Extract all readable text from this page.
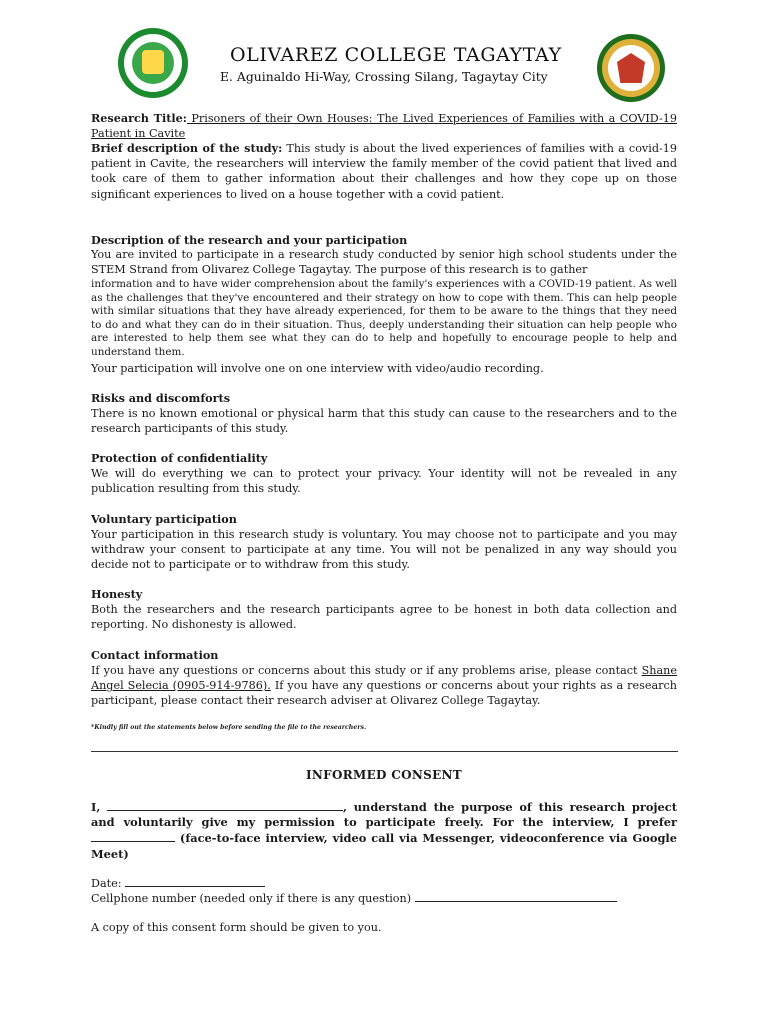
OLIVAREZ COLLEGE TAGAYTAY
E. Aguinaldo Hi-Way, Crossing Silang, Tagaytay City
Research Title: Prisoners of their Own Houses: The Lived Experiences of Families with a COVID-19 Patient in Cavite
Brief description of the study: This study is about the lived experiences of families with a covid-19 patient in Cavite, the researchers will interview the family member of the covid patient that lived and took care of them to gather information about their challenges and how they cope up on those significant experiences to lived on a house together with a covid patient.
Description of the research and your participation
You are invited to participate in a research study conducted by senior high school students under the STEM Strand from Olivarez College Tagaytay. The purpose of this research is to gather
information and to have wider comprehension about the family's experiences with a COVID-19 patient. As well as the challenges that they've encountered and their strategy on how to cope with them. This can help people with similar situations that they have already experienced, for them to be aware to the things that they need to do and what they can do in their situation. Thus, deeply understanding their situation can help people who are interested to help them see what they can do to help and hopefully to encourage people to help and understand them.
Your participation will involve one on one interview with video/audio recording.
Risks and discomforts
There is no known emotional or physical harm that this study can cause to the researchers and to the research participants of this study.
Protection of confidentiality
We will do everything we can to protect your privacy. Your identity will not be revealed in any publication resulting from this study.
Voluntary participation
Your participation in this research study is voluntary. You may choose not to participate and you may withdraw your consent to participate at any time. You will not be penalized in any way should you decide not to participate or to withdraw from this study.
Honesty
Both the researchers and the research participants agree to be honest in both data collection and reporting. No dishonesty is allowed.
Contact information
If you have any questions or concerns about this study or if any problems arise, please contact Shane Angel Selecia (0905-914-9786). If you have any questions or concerns about your rights as a research participant, please contact their research adviser at Olivarez College Tagaytay.
*Kindly fill out the statements below before sending the file to the researchers.
INFORMED CONSENT
I,	, understand the purpose of this research project and voluntarily give my permission to participate freely. For the interview, I prefer (face-to-face interview, video call via Messenger, videoconference via Google Meet)
Date:
Cellphone number (needed only if there is any question)
A copy of this consent form should be given to you.
